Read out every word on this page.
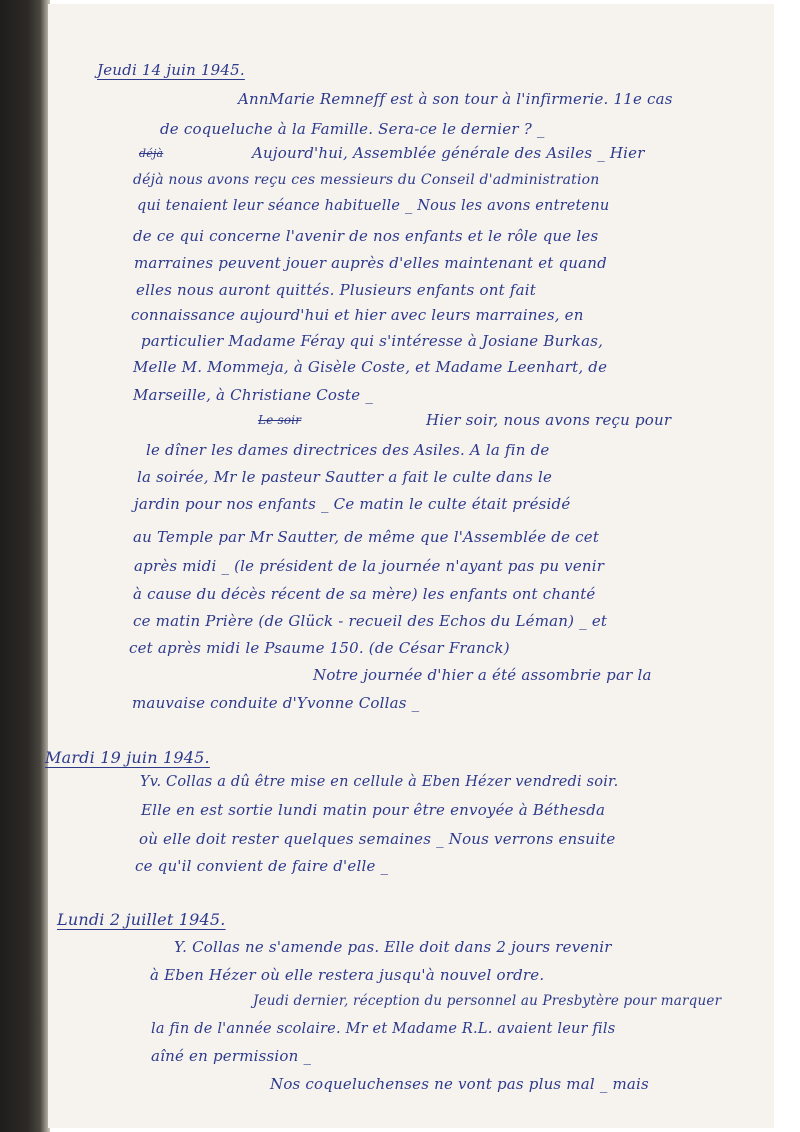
Jeudi 14 juin 1945.
AnnMarie Remneff est à son tour à l'infirmerie. 11e cas
de coqueluche à la Famille. Sera-ce le dernier ? _
déjà	Aujourd'hui, Assemblée générale des Asiles _ Hier
déjà nous avons reçu ces messieurs du Conseil d'administration
qui tenaient leur séance habituelle _ Nous les avons entretenu
de ce qui concerne l'avenir de nos enfants et le rôle que les
marraines peuvent jouer auprès d'elles maintenant et quand
elles nous auront quittés. Plusieurs enfants ont fait
connaissance aujourd'hui et hier avec leurs marraines, en
particulier Madame Féray qui s'intéresse à Josiane Burkas,
Melle M. Mommeja, à Gisèle Coste, et Madame Leenhart, de
Marseille, à Christiane Coste _
Le soir	Hier soir, nous avons reçu pour
le dîner les dames directrices des Asiles. A la fin de
la soirée, Mr le pasteur Sautter a fait le culte dans le
jardin pour nos enfants _ Ce matin le culte était présidé
au Temple par Mr Sautter, de même que l'Assemblée de cet
après midi _ (le président de la journée n'ayant pas pu venir
à cause du décès récent de sa mère) les enfants ont chanté
ce matin Prière (de Glück - recueil des Echos du Léman) _ et
cet après midi le Psaume 150. (de César Franck)
Notre journée d'hier a été assombrie par la
mauvaise conduite d'Yvonne Collas _
Mardi 19 juin 1945.
Yv. Collas a dû être mise en cellule à Eben Hézer vendredi soir.
Elle en est sortie lundi matin pour être envoyée à Béthesda
où elle doit rester quelques semaines _ Nous verrons ensuite
ce qu'il convient de faire d'elle _
Lundi 2 juillet 1945.
Y. Collas ne s'amende pas. Elle doit dans 2 jours revenir
à Eben Hézer où elle restera jusqu'à nouvel ordre.
Jeudi dernier, réception du personnel au Presbytère pour marquer
la fin de l'année scolaire. Mr et Madame R.L. avaient leur fils
aîné en permission _
Nos coqueluchenses ne vont pas plus mal _ mais
